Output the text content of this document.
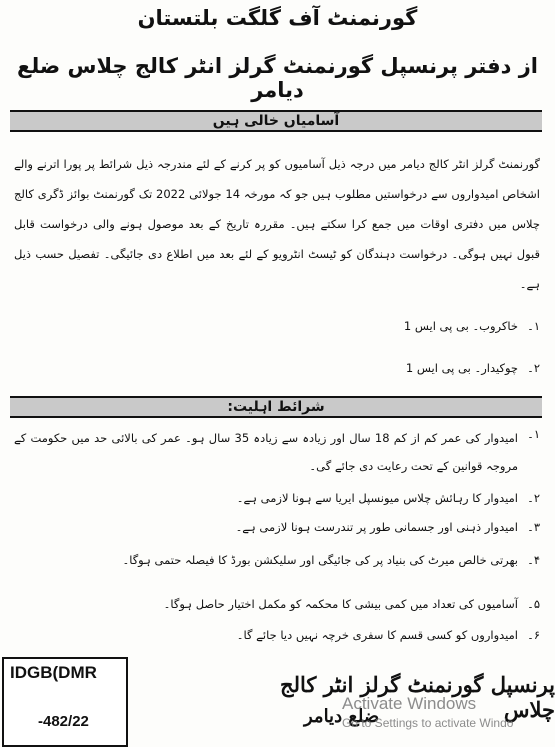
گورنمنٹ آف گلگت بلتستان
از دفتر پرنسپل گورنمنٹ گرلز انٹر کالج چلاس ضلع دیامر
آسامیاں خالی ہیں
گورنمنٹ گرلز انٹر کالج دیامر میں درجہ ذیل آسامیوں کو پر کرنے کے لئے مندرجہ ذیل شرائط پر پورا اترنے والے اشخاص امیدواروں سے درخواستیں مطلوب ہیں جو کہ مورخہ 14 جولائی 2022 تک گورنمنٹ بوائز ڈگری کالج چلاس میں دفتری اوقات میں جمع کرا سکتے ہیں۔ مقررہ تاریخ کے بعد موصول ہونے والی درخواست قابل قبول نہیں ہوگی۔ درخواست دہندگان کو ٹیسٹ انٹرویو کے لئے بعد میں اطلاع دی جائیگی۔ تفصیل حسب ذیل ہے۔
۱۔
خاکروب۔ بی پی ایس 1
۲۔
چوکیدار۔ بی پی ایس 1
شرائط اہلیت:
۱۔
امیدوار کی عمر کم از کم 18 سال اور زیادہ سے زیادہ 35 سال ہو۔ عمر کی بالائی حد میں حکومت کے مروجہ قوانین کے تحت رعایت دی جائے گی۔
۲۔
امیدوار کا رہائش چلاس میونسپل ایریا سے ہونا لازمی ہے۔
۳۔
امیدوار ذہنی اور جسمانی طور پر تندرست ہونا لازمی ہے۔
۴۔
بھرتی خالص میرٹ کی بنیاد پر کی جائیگی اور سلیکشن بورڈ کا فیصلہ حتمی ہوگا۔
۵۔
آسامیوں کی تعداد میں کمی بیشی کا محکمہ کو مکمل اختیار حاصل ہوگا۔
۶۔
امیدواروں کو کسی قسم کا سفری خرچہ نہیں دیا جائے گا۔
IDGB(DMR
-482/22
پرنسپل گورنمنٹ گرلز انٹر کالج چلاس
ضلع دیامر
Activate Windows
Go to Settings to activate Windo
